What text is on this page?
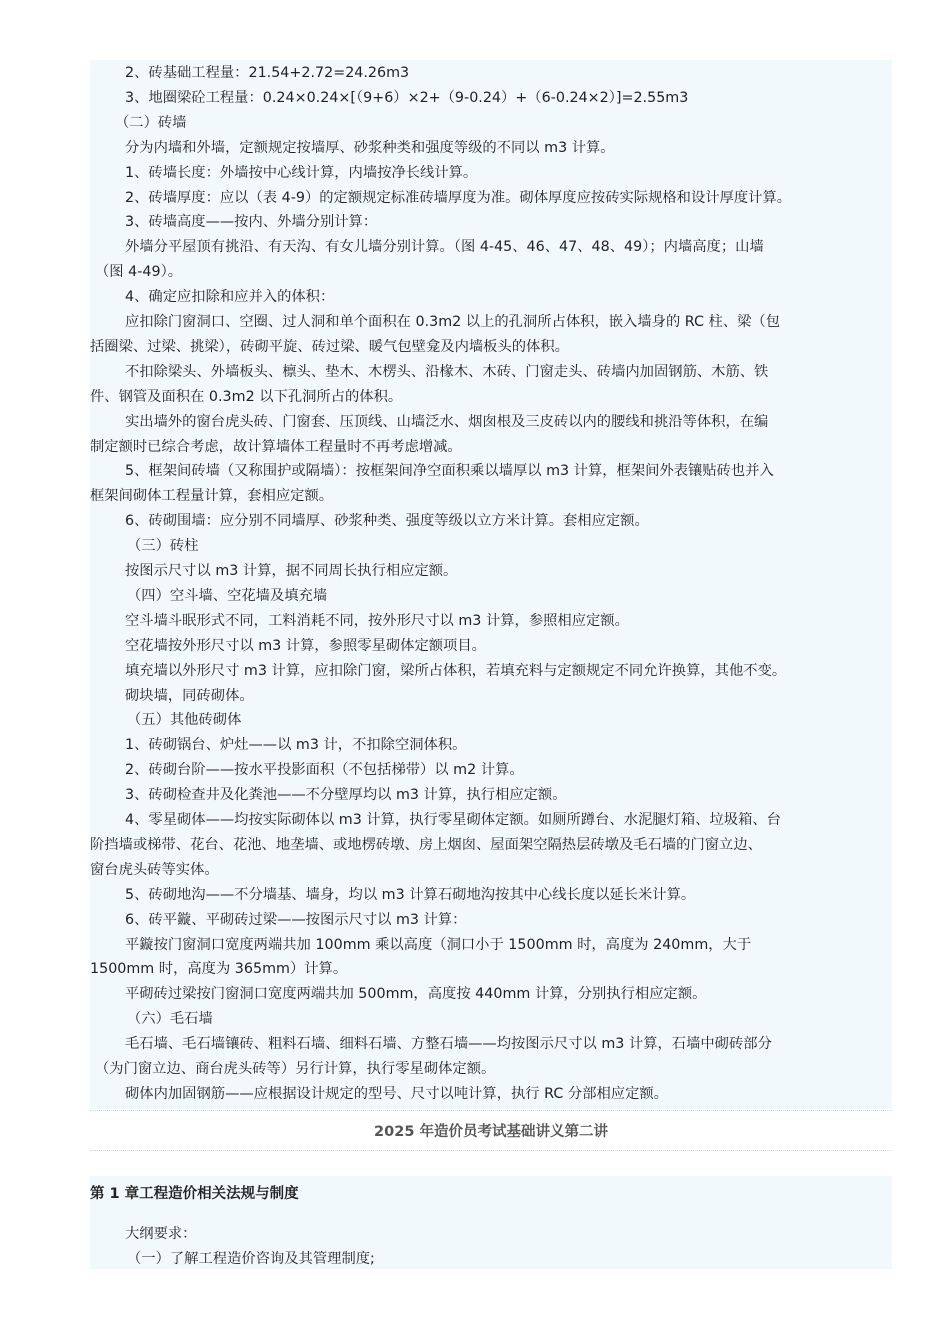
2、砖基础工程量：21.54+2.72=24.26m3
3、地圈梁砼工程量：0.24×0.24×[（9+6）×2+（9-0.24）+（6-0.24×2）]=2.55m3
（二）砖墙
分为内墙和外墙，定额规定按墙厚、砂浆种类和强度等级的不同以 m3 计算。
1、砖墙长度：外墙按中心线计算，内墙按净长线计算。
2、砖墙厚度：应以（表 4-9）的定额规定标准砖墙厚度为准。砌体厚度应按砖实际规格和设计厚度计算。
3、砖墙高度——按内、外墙分别计算：
外墙分平屋顶有挑沿、有天沟、有女儿墙分别计算。（图 4-45、46、47、48、49）；内墙高度；山墙
（图 4-49）。
4、确定应扣除和应并入的体积：
应扣除门窗洞口、空圈、过人洞和单个面积在 0.3m2 以上的孔洞所占体积，嵌入墙身的 RC 柱、梁（包
括圈梁、过梁、挑梁），砖砌平旋、砖过梁、暖气包壁龛及内墙板头的体积。
不扣除梁头、外墙板头、檩头、垫木、木楞头、沿椽木、木砖、门窗走头、砖墙内加固钢筋、木筋、铁
件、钢管及面积在 0.3m2 以下孔洞所占的体积。
实出墙外的窗台虎头砖、门窗套、压顶线、山墙泛水、烟囱根及三皮砖以内的腰线和挑沿等体积，在编
制定额时已综合考虑，故计算墙体工程量时不再考虑增减。
5、框架间砖墙（又称围护或隔墙）：按框架间净空面积乘以墙厚以 m3 计算，框架间外表镶贴砖也并入
框架间砌体工程量计算，套相应定额。
6、砖砌围墙：应分别不同墙厚、砂浆种类、强度等级以立方米计算。套相应定额。
（三）砖柱
按图示尺寸以 m3 计算，据不同周长执行相应定额。
（四）空斗墙、空花墙及填充墙
空斗墙斗眠形式不同，工料消耗不同，按外形尺寸以 m3 计算，参照相应定额。
空花墙按外形尺寸以 m3 计算，参照零星砌体定额项目。
填充墙以外形尺寸 m3 计算，应扣除门窗，梁所占体积，若填充料与定额规定不同允许换算，其他不变。
砌块墙，同砖砌体。
（五）其他砖砌体
1、砖砌锅台、炉灶——以 m3 计，不扣除空洞体积。
2、砖砌台阶——按水平投影面积（不包括梯带）以 m2 计算。
3、砖砌检查井及化粪池——不分壁厚均以 m3 计算，执行相应定额。
4、零星砌体——均按实际砌体以 m3 计算，执行零星砌体定额。如厕所蹲台、水泥腿灯箱、垃圾箱、台
阶挡墙或梯带、花台、花池、地垄墙、或地楞砖墩、房上烟囱、屋面架空隔热层砖墩及毛石墙的门窗立边、
窗台虎头砖等实体。
5、砖砌地沟——不分墙基、墙身，均以 m3 计算石砌地沟按其中心线长度以延长米计算。
6、砖平鏇、平砌砖过梁——按图示尺寸以 m3 计算：
平鏇按门窗洞口宽度两端共加 100mm 乘以高度（洞口小于 1500mm 时，高度为 240mm，大于
1500mm 时，高度为 365mm）计算。
平砌砖过梁按门窗洞口宽度两端共加 500mm，高度按 440mm 计算，分别执行相应定额。
（六）毛石墙
毛石墙、毛石墙镶砖、粗料石墙、细料石墙、方整石墙——均按图示尺寸以 m3 计算，石墙中砌砖部分
（为门窗立边、商台虎头砖等）另行计算，执行零星砌体定额。
砌体内加固钢筋——应根据设计规定的型号、尺寸以吨计算，执行 RC 分部相应定额。
2025 年造价员考试基础讲义第二讲
第 1 章工程造价相关法规与制度
大纲要求：
（一）了解工程造价咨询及其管理制度;
